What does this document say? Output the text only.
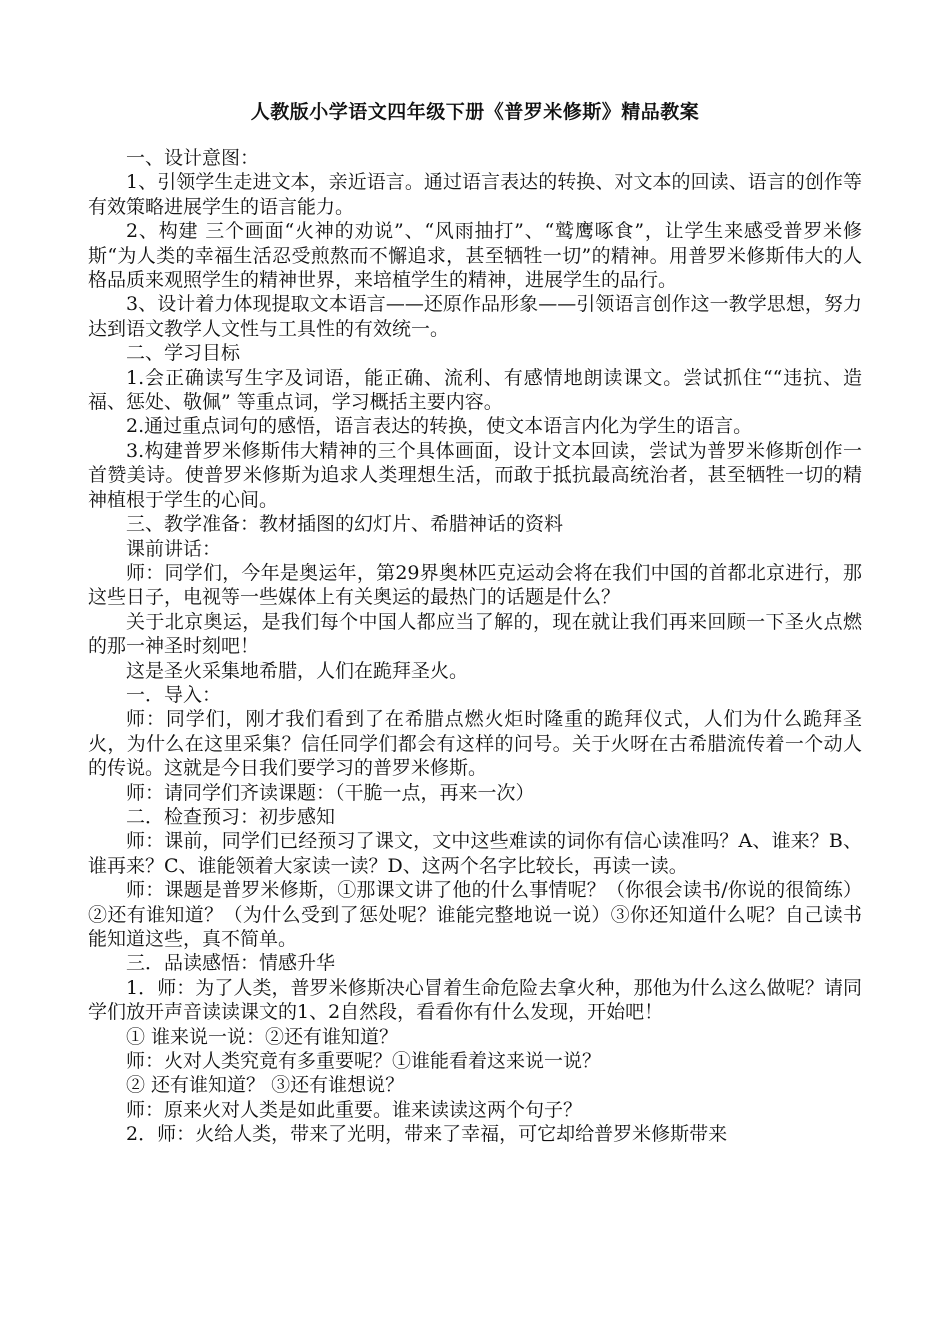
人教版小学语文四年级下册《普罗米修斯》精品教案

一、设计意图：

1、引领学生走进文本，亲近语言。通过语言表达的转换、对文本的回读、语言的创作等有效策略进展学生的语言能力。

2、构建 三个画面“火神的劝说”、“风雨抽打”、“鹫鹰啄食”，让学生来感受普罗米修斯“为人类的幸福生活忍受煎熬而不懈追求，甚至牺牲一切”的精神。用普罗米修斯伟大的人格品质来观照学生的精神世界，来培植学生的精神，进展学生的品行。

3、设计着力体现提取文本语言——还原作品形象——引领语言创作这一教学思想，努力达到语文教学人文性与工具性的有效统一。

二、学习目标

1.会正确读写生字及词语，能正确、流利、有感情地朗读课文。尝试抓住““违抗、造福、惩处、敬佩” 等重点词，学习概括主要内容。

2.通过重点词句的感悟，语言表达的转换，使文本语言内化为学生的语言。

3.构建普罗米修斯伟大精神的三个具体画面，设计文本回读，尝试为普罗米修斯创作一首赞美诗。使普罗米修斯为追求人类理想生活，而敢于抵抗最高统治者，甚至牺牲一切的精神植根于学生的心间。

三、教学准备：教材插图的幻灯片、希腊神话的资料

课前讲话：

师：同学们，今年是奥运年，第29界奥林匹克运动会将在我们中国的首都北京进行，那这些日子，电视等一些媒体上有关奥运的最热门的话题是什么？

关于北京奥运，是我们每个中国人都应当了解的，现在就让我们再来回顾一下圣火点燃的那一神圣时刻吧！

这是圣火采集地希腊，人们在跪拜圣火。

一．导入：

师：同学们，刚才我们看到了在希腊点燃火炬时隆重的跪拜仪式，人们为什么跪拜圣火，为什么在这里采集？信任同学们都会有这样的问号。关于火呀在古希腊流传着一个动人的传说。这就是今日我们要学习的普罗米修斯。

师：请同学们齐读课题：（干脆一点，再来一次）

二．检查预习：初步感知

师：课前，同学们已经预习了课文，文中这些难读的词你有信心读准吗？A、谁来？B、谁再来？C、谁能领着大家读一读？D、这两个名字比较长，再读一读。

师：课题是普罗米修斯，①那课文讲了他的什么事情呢？（你很会读书/你说的很简练）②还有谁知道？（为什么受到了惩处呢？谁能完整地说一说）③你还知道什么呢？自己读书能知道这些，真不简单。

三．品读感悟：情感升华

1．师：为了人类，普罗米修斯决心冒着生命危险去拿火种，那他为什么这么做呢？请同学们放开声音读读课文的1、2自然段，看看你有什么发现，开始吧！

① 谁来说一说：②还有谁知道？

师：火对人类究竟有多重要呢？①谁能看着这来说一说？

② 还有谁知道？ ③还有谁想说？

师：原来火对人类是如此重要。谁来读读这两个句子？

2．师：火给人类，带来了光明，带来了幸福，可它却给普罗米修斯带来
